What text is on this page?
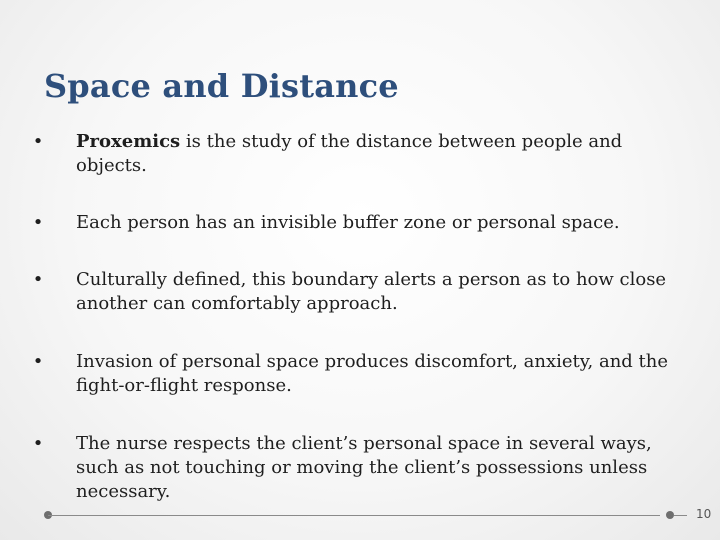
Space and Distance
• Proxemics is the study of the distance between people and objects.
• Each person has an invisible buffer zone or personal space.
• Culturally defined, this boundary alerts a person as to how close another can comfortably approach.
• Invasion of personal space produces discomfort, anxiety, and the fight-or-flight response.
• The nurse respects the client’s personal space in several ways, such as not touching or moving the client’s possessions unless necessary.
10
